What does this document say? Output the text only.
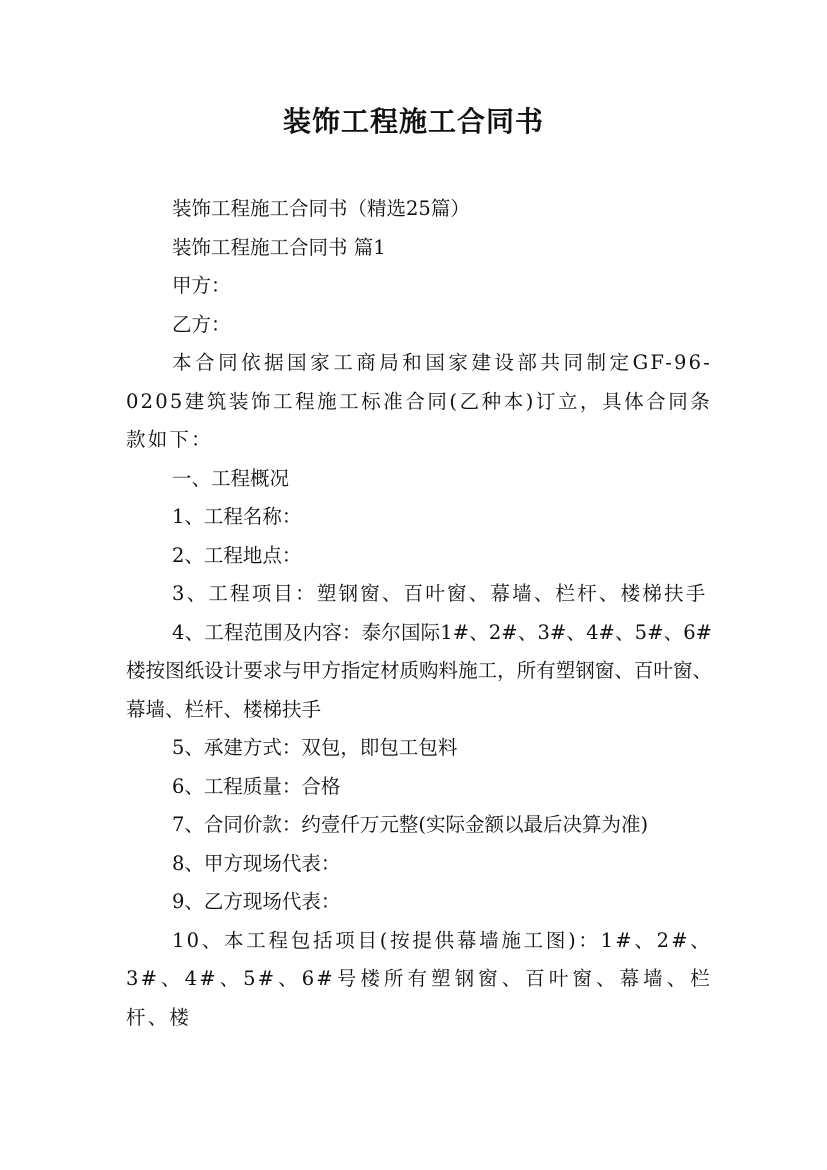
装饰工程施工合同书

装饰工程施工合同书（精选25篇）

装饰工程施工合同书 篇1

甲方：

乙方：

本合同依据国家工商局和国家建设部共同制定GF-96-0205建筑装饰工程施工标准合同(乙种本)订立，具体合同条款如下：

一、工程概况

1、工程名称：

2、工程地点：

3、工程项目：塑钢窗、百叶窗、幕墙、栏杆、楼梯扶手

4、工程范围及内容：泰尔国际1#、2#、3#、4#、5#、6#楼按图纸设计要求与甲方指定材质购料施工，所有塑钢窗、百叶窗、幕墙、栏杆、楼梯扶手

5、承建方式：双包，即包工包料

6、工程质量：合格

7、合同价款：约壹仟万元整(实际金额以最后决算为准)

8、甲方现场代表：

9、乙方现场代表：

10、本工程包括项目(按提供幕墙施工图)：1#、2#、3#、4#、5#、6#号楼所有塑钢窗、百叶窗、幕墙、栏杆、楼
